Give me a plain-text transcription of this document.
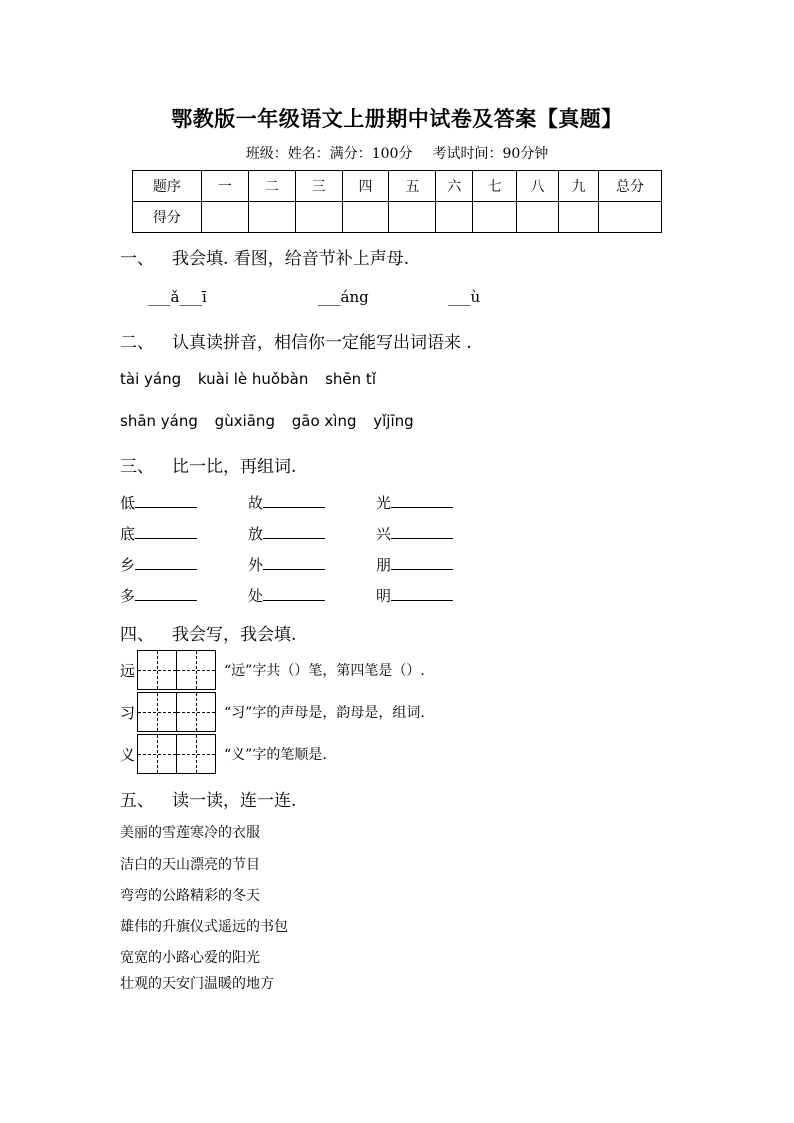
鄂教版一年级语文上册期中试卷及答案【真题】
班级：姓名：满分：100分 考试时间：90分钟
题序	一	二	三	四	五	六	七	八	九	总分
得分										
一、 我会填. 看图，给音节补上声母.
___ǎ___ī	___áng	___ù
二、 认真读拼音，相信你一定能写出词语来 .
tài yáng kuài lè huǒbàn shēn tǐ
shān yáng gùxiāng gāo xìng yǐjīng
三、 比一比，再组词.
低	故	光
底	放	兴
乡	外	朋
多	处	明
四、 我会写，我会填.
远	“远”字共（）笔，第四笔是（）.
习	“习”字的声母是，韵母是，组词.
义	“义”字的笔顺是.
五、 读一读，连一连.
美丽的雪莲寒冷的衣服
洁白的天山漂亮的节目
弯弯的公路精彩的冬天
雄伟的升旗仪式遥远的书包
宽宽的小路心爱的阳光
壮观的天安门温暖的地方
